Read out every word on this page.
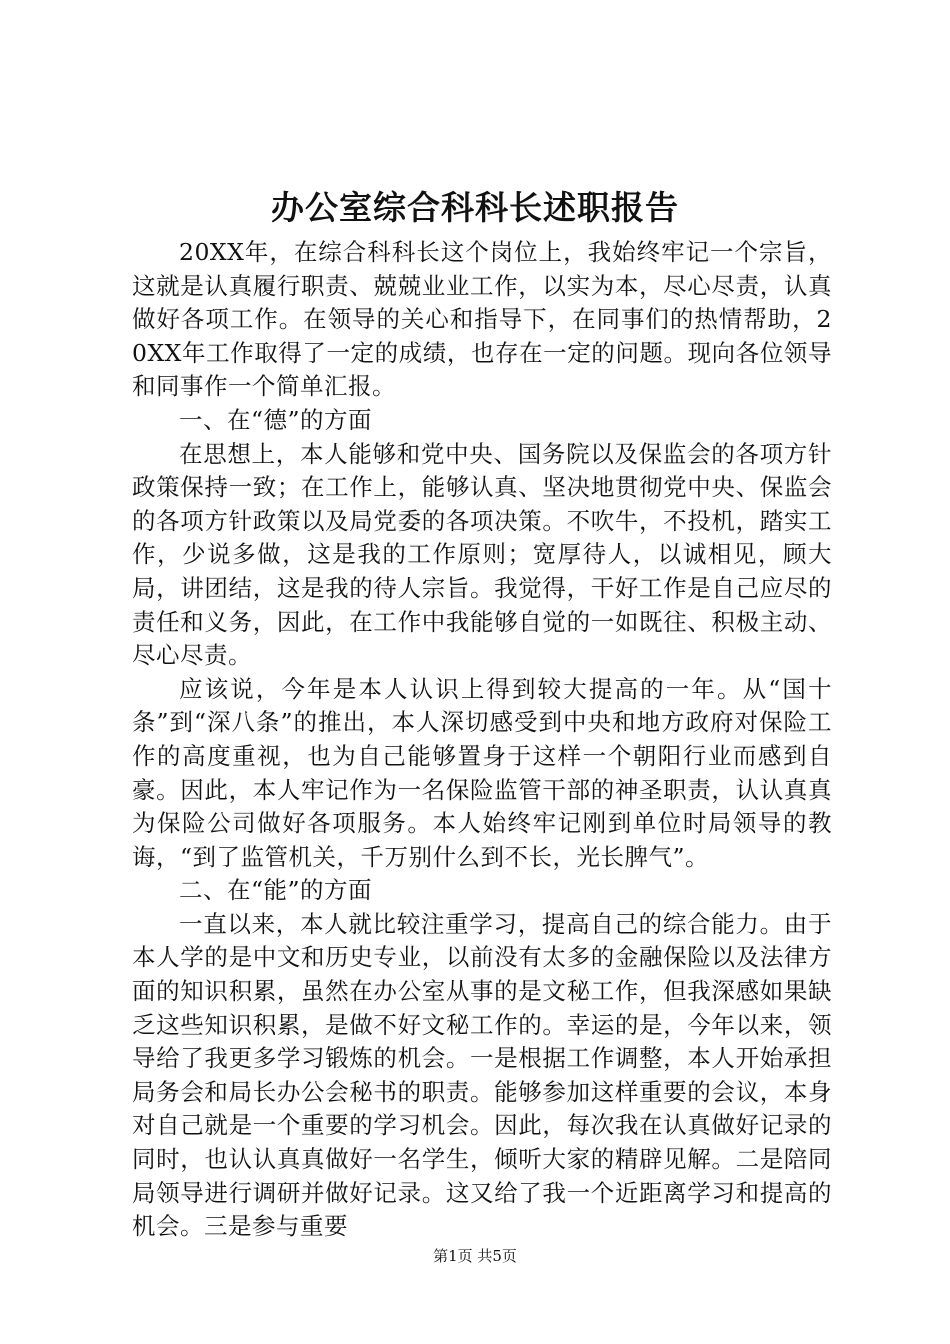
办公室综合科科长述职报告

20XX年，在综合科科长这个岗位上，我始终牢记一个宗旨，这就是认真履行职责、兢兢业业工作，以实为本，尽心尽责，认真做好各项工作。在领导的关心和指导下，在同事们的热情帮助，20XX年工作取得了一定的成绩，也存在一定的问题。现向各位领导和同事作一个简单汇报。

一、在“德”的方面

在思想上，本人能够和党中央、国务院以及保监会的各项方针政策保持一致；在工作上，能够认真、坚决地贯彻党中央、保监会的各项方针政策以及局党委的各项决策。不吹牛，不投机，踏实工作，少说多做，这是我的工作原则；宽厚待人，以诚相见，顾大局，讲团结，这是我的待人宗旨。我觉得，干好工作是自己应尽的责任和义务，因此，在工作中我能够自觉的一如既往、积极主动、尽心尽责。

应该说，今年是本人认识上得到较大提高的一年。从“国十条”到“深八条”的推出，本人深切感受到中央和地方政府对保险工作的高度重视，也为自己能够置身于这样一个朝阳行业而感到自豪。因此，本人牢记作为一名保险监管干部的神圣职责，认认真真为保险公司做好各项服务。本人始终牢记刚到单位时局领导的教诲，“到了监管机关，千万别什么到不长，光长脾气”。

二、在“能”的方面

一直以来，本人就比较注重学习，提高自己的综合能力。由于本人学的是中文和历史专业，以前没有太多的金融保险以及法律方面的知识积累，虽然在办公室从事的是文秘工作，但我深感如果缺乏这些知识积累，是做不好文秘工作的。幸运的是，今年以来，领导给了我更多学习锻炼的机会。一是根据工作调整，本人开始承担局务会和局长办公会秘书的职责。能够参加这样重要的会议，本身对自己就是一个重要的学习机会。因此，每次我在认真做好记录的同时，也认认真真做好一名学生，倾听大家的精辟见解。二是陪同局领导进行调研并做好记录。这又给了我一个近距离学习和提高的机会。三是参与重要

第1页 共5页
